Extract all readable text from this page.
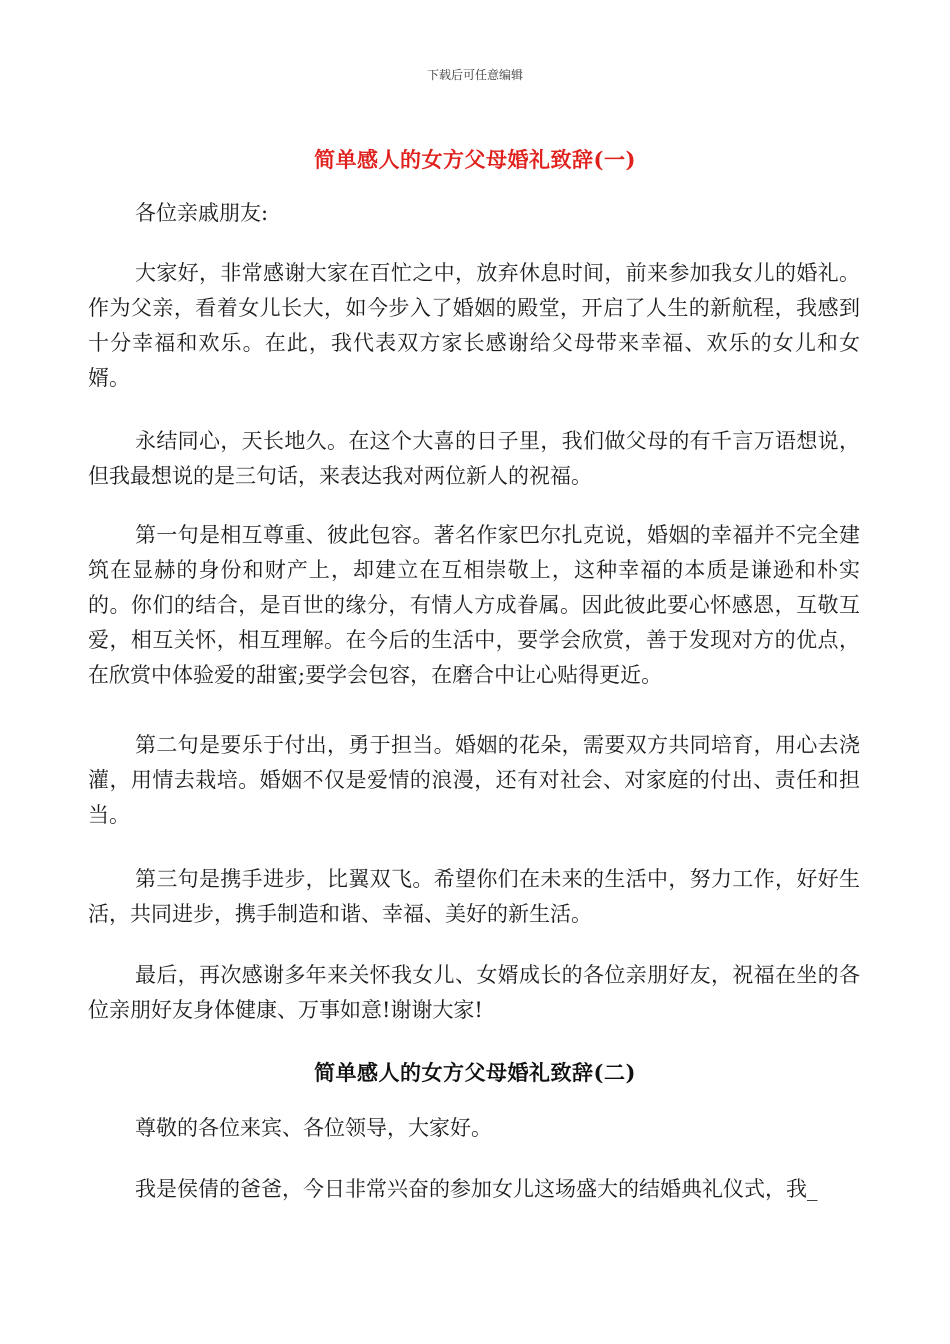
下载后可任意编辑
简单感人的女方父母婚礼致辞(一)

各位亲戚朋友:

大家好，非常感谢大家在百忙之中，放弃休息时间，前来参加我女儿的婚礼。作为父亲，看着女儿长大，如今步入了婚姻的殿堂，开启了人生的新航程，我感到十分幸福和欢乐。在此，我代表双方家长感谢给父母带来幸福、欢乐的女儿和女婿。

永结同心，天长地久。在这个大喜的日子里，我们做父母的有千言万语想说，但我最想说的是三句话，来表达我对两位新人的祝福。

第一句是相互尊重、彼此包容。著名作家巴尔扎克说，婚姻的幸福并不完全建筑在显赫的身份和财产上，却建立在互相崇敬上，这种幸福的本质是谦逊和朴实的。你们的结合，是百世的缘分，有情人方成眷属。因此彼此要心怀感恩，互敬互爱，相互关怀，相互理解。在今后的生活中，要学会欣赏，善于发现对方的优点，在欣赏中体验爱的甜蜜;要学会包容，在磨合中让心贴得更近。

第二句是要乐于付出，勇于担当。婚姻的花朵，需要双方共同培育，用心去浇灌，用情去栽培。婚姻不仅是爱情的浪漫，还有对社会、对家庭的付出、责任和担当。

第三句是携手进步，比翼双飞。希望你们在未来的生活中，努力工作，好好生活，共同进步，携手制造和谐、幸福、美好的新生活。

最后，再次感谢多年来关怀我女儿、女婿成长的各位亲朋好友，祝福在坐的各位亲朋好友身体健康、万事如意!谢谢大家!

简单感人的女方父母婚礼致辞(二)

尊敬的各位来宾、各位领导，大家好。

我是侯倩的爸爸，今日非常兴奋的参加女儿这场盛大的结婚典礼仪式，我_
